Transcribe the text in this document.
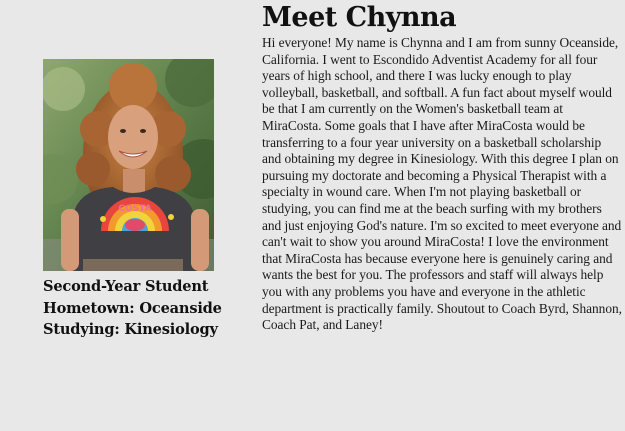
COSTA
Second-Year Student
Hometown: Oceanside
Studying: Kinesiology
Meet Chynna

Hi everyone! My name is Chynna and I am from sunny Oceanside, California. I went to Escondido Adventist Academy for all four years of high school, and there I was lucky enough to play volleyball, basketball, and softball. A fun fact about myself would be that I am currently on the Women's basketball team at MiraCosta. Some goals that I have after MiraCosta would be transferring to a four year university on a basketball scholarship and obtaining my degree in Kinesiology. With this degree I plan on pursuing my doctorate and becoming a Physical Therapist with a specialty in wound care. When I'm not playing basketball or studying, you can find me at the beach surfing with my brothers and just enjoying God's nature. I'm so excited to meet everyone and can't wait to show you around MiraCosta! I love the environment that MiraCosta has because everyone here is genuinely caring and wants the best for you. The professors and staff will always help you with any problems you have and everyone in the athletic department is practically family. Shoutout to Coach Byrd, Shannon, Coach Pat, and Laney!
